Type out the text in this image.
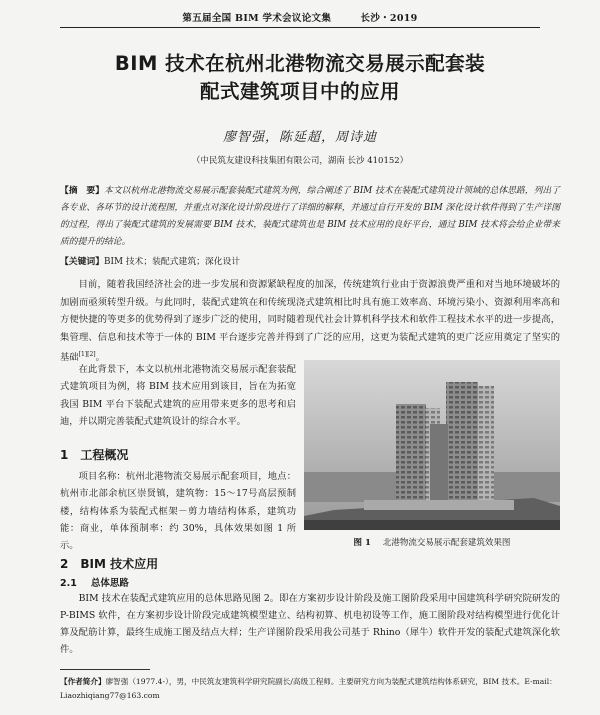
第五届全国 BIM 学术会议论文集　　　长沙・2019
BIM 技术在杭州北港物流交易展示配套装
配式建筑项目中的应用
廖智强，陈延超，周诗迪
（中民筑友建设科技集团有限公司，湖南 长沙 410152）
【摘　要】本文以杭州北港物流交易展示配套装配式建筑为例，综合阐述了 BIM 技术在装配式建筑设计领域的总体思路，列出了各专业、各环节的设计流程图，并重点对深化设计阶段进行了详细的解释，并通过自行开发的 BIM 深化设计软件得到了生产详图的过程，得出了装配式建筑的发展需要 BIM 技术，装配式建筑也是 BIM 技术应用的良好平台，通过 BIM 技术将会给企业带来质的提升的结论。
【关键词】BIM 技术；装配式建筑；深化设计
目前，随着我国经济社会的进一步发展和资源紧缺程度的加深，传统建筑行业由于资源浪费严重和对当地环境破坏的加剧而亟须转型升级。与此同时，装配式建筑在和传统现浇式建筑相比时具有施工效率高、环境污染小、资源利用率高和方便快捷的等更多的优势得到了逐步广泛的使用，同时随着现代社会计算机科学技术和软件工程技术水平的进一步提高，集管理、信息和技术等于一体的 BIM 平台逐步完善并得到了广泛的应用，这更为装配式建筑的更广泛应用奠定了坚实的基础[1][2]。
在此背景下，本文以杭州北港物流交易展示配套装配式建筑项目为例，将 BIM 技术应用到该目，旨在为拓宽我国 BIM 平台下装配式建筑的应用带来更多的思考和启迪，并以期完善装配式建筑设计的综合水平。
1　工程概况
项目名称：杭州北港物流交易展示配套项目，地点：杭州市北部余杭区崇贤镇，建筑物：15～17号高层预制楼，结构体系为装配式框架－剪力墙结构体系，建筑功能：商业，单体预制率：约 30%，具体效果如图 1 所示。	图 1 北港物流交易展示配套建筑效果图
2　BIM 技术应用
2.1 总体思路
BIM 技术在装配式建筑应用的总体思路见图 2。即在方案初步设计阶段及施工图阶段采用中国建筑科学研究院研发的 P-BIMS 软件，在方案初步设计阶段完成建筑模型建立、结构初算、机电初设等工作，施工图阶段对结构模型进行优化计算及配筋计算，最终生成施工图及结点大样；生产详图阶段采用我公司基于 Rhino（犀牛）软件开发的装配式建筑深化软件。
【作者简介】廖智强（1977.4-），男，中民筑友建筑科学研究院副长/高级工程师。主要研究方向为装配式建筑结构体系研究，BIM 技术。E-mail：Liaozhiqiang77@163.com
